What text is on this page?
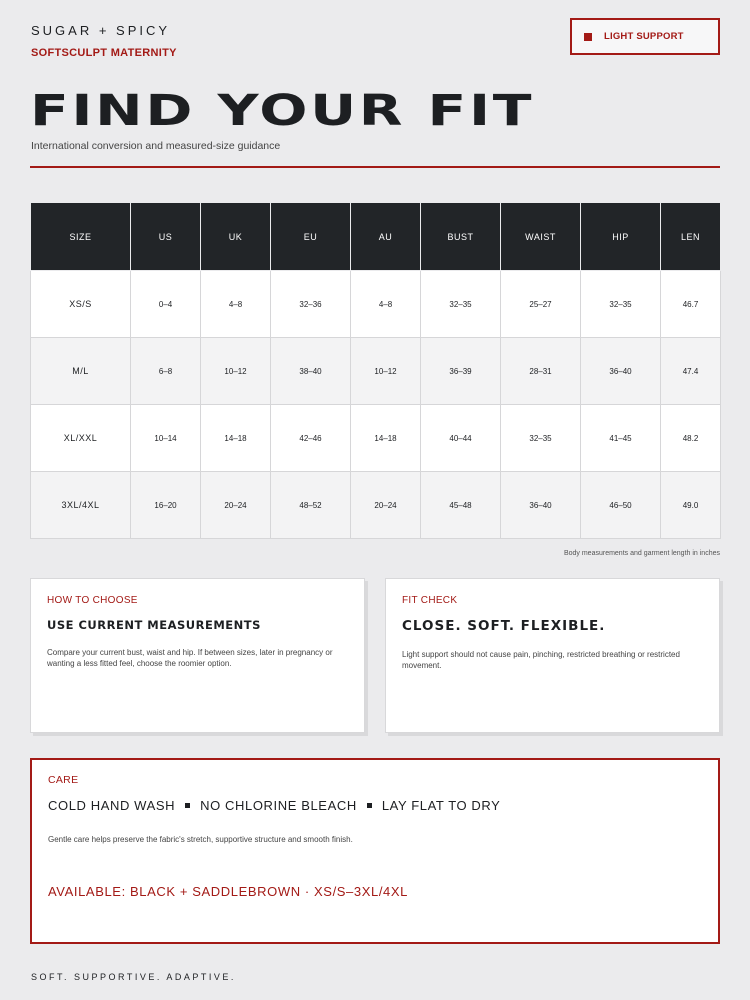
SUGAR + SPICY
SOFTSCULPT MATERNITY
LIGHT SUPPORT
FIND YOUR FIT
International conversion and measured-size guidance
SIZE	US	UK	EU	AU	BUST	WAIST	HIP	LEN
XS/S	0–4	4–8	32–36	4–8	32–35	25–27	32–35	46.7
M/L	6–8	10–12	38–40	10–12	36–39	28–31	36–40	47.4
XL/XXL	10–14	14–18	42–46	14–18	40–44	32–35	41–45	48.2
3XL/4XL	16–20	20–24	48–52	20–24	45–48	36–40	46–50	49.0
Body measurements and garment length in inches
HOW TO CHOOSE
USE CURRENT MEASUREMENTS
Compare your current bust, waist and hip. If between sizes, later in pregnancy or wanting a less fitted feel, choose the roomier option.
FIT CHECK
CLOSE. SOFT. FLEXIBLE.
Light support should not cause pain, pinching, restricted breathing or restricted movement.
CARE
COLD HAND WASH NO CHLORINE BLEACH LAY FLAT TO DRY
Gentle care helps preserve the fabric's stretch, supportive structure and smooth finish.
AVAILABLE: BLACK + SADDLEBROWN · XS/S–3XL/4XL
SOFT. SUPPORTIVE. ADAPTIVE.
